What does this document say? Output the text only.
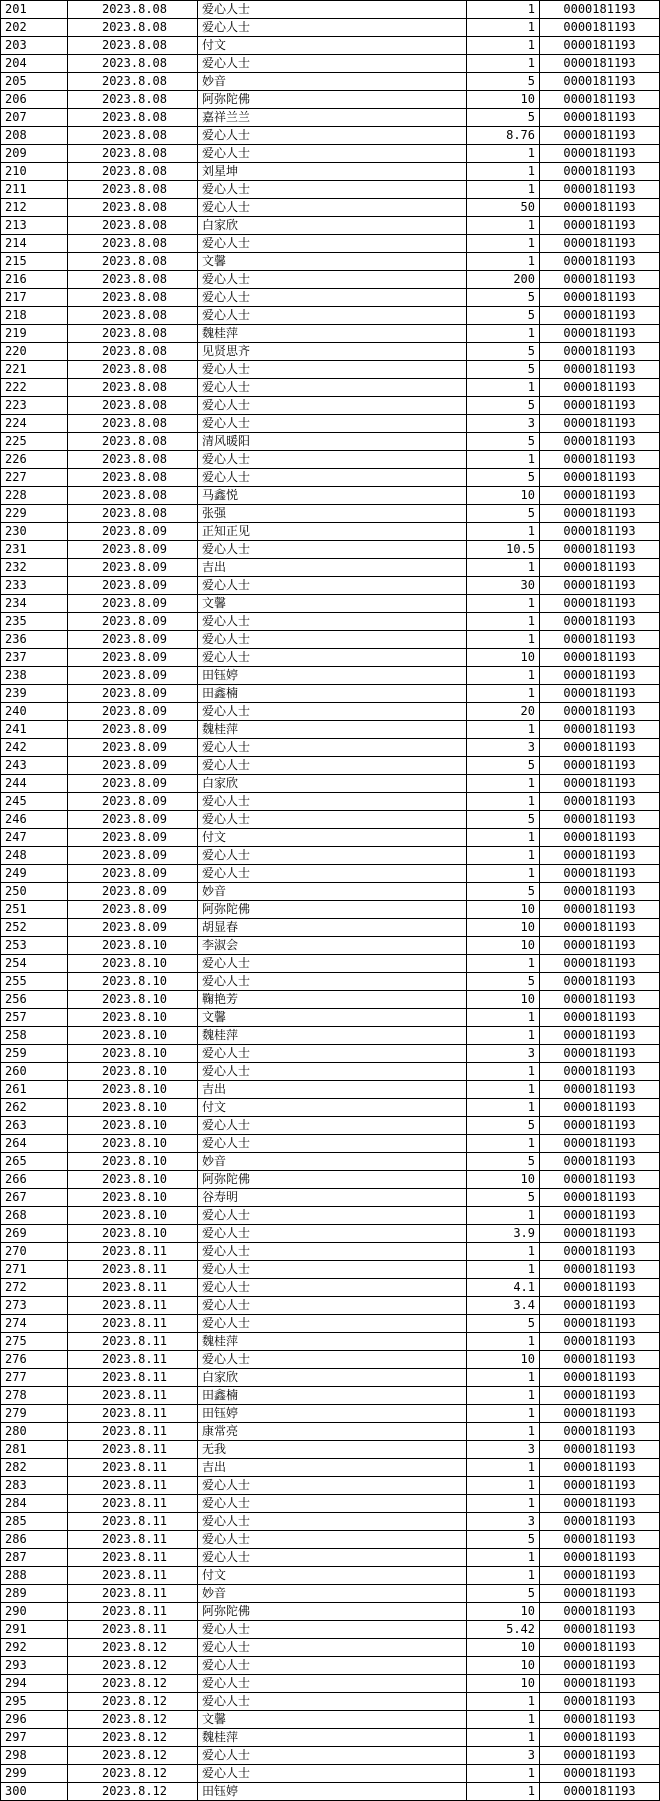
201	2023.8.08	爱心人士	1	0000181193
202	2023.8.08	爱心人士	1	0000181193
203	2023.8.08	付文	1	0000181193
204	2023.8.08	爱心人士	1	0000181193
205	2023.8.08	妙音	5	0000181193
206	2023.8.08	阿弥陀佛	10	0000181193
207	2023.8.08	嘉祥兰兰	5	0000181193
208	2023.8.08	爱心人士	8.76	0000181193
209	2023.8.08	爱心人士	1	0000181193
210	2023.8.08	刘星坤	1	0000181193
211	2023.8.08	爱心人士	1	0000181193
212	2023.8.08	爱心人士	50	0000181193
213	2023.8.08	白家欣	1	0000181193
214	2023.8.08	爱心人士	1	0000181193
215	2023.8.08	文馨	1	0000181193
216	2023.8.08	爱心人士	200	0000181193
217	2023.8.08	爱心人士	5	0000181193
218	2023.8.08	爱心人士	5	0000181193
219	2023.8.08	魏桂萍	1	0000181193
220	2023.8.08	见贤思齐	5	0000181193
221	2023.8.08	爱心人士	5	0000181193
222	2023.8.08	爱心人士	1	0000181193
223	2023.8.08	爱心人士	5	0000181193
224	2023.8.08	爱心人士	3	0000181193
225	2023.8.08	清风暖阳	5	0000181193
226	2023.8.08	爱心人士	1	0000181193
227	2023.8.08	爱心人士	5	0000181193
228	2023.8.08	马鑫悦	10	0000181193
229	2023.8.08	张强	5	0000181193
230	2023.8.09	正知正见	1	0000181193
231	2023.8.09	爱心人士	10.5	0000181193
232	2023.8.09	吉出	1	0000181193
233	2023.8.09	爱心人士	30	0000181193
234	2023.8.09	文馨	1	0000181193
235	2023.8.09	爱心人士	1	0000181193
236	2023.8.09	爱心人士	1	0000181193
237	2023.8.09	爱心人士	10	0000181193
238	2023.8.09	田钰婷	1	0000181193
239	2023.8.09	田鑫楠	1	0000181193
240	2023.8.09	爱心人士	20	0000181193
241	2023.8.09	魏桂萍	1	0000181193
242	2023.8.09	爱心人士	3	0000181193
243	2023.8.09	爱心人士	5	0000181193
244	2023.8.09	白家欣	1	0000181193
245	2023.8.09	爱心人士	1	0000181193
246	2023.8.09	爱心人士	5	0000181193
247	2023.8.09	付文	1	0000181193
248	2023.8.09	爱心人士	1	0000181193
249	2023.8.09	爱心人士	1	0000181193
250	2023.8.09	妙音	5	0000181193
251	2023.8.09	阿弥陀佛	10	0000181193
252	2023.8.09	胡显春	10	0000181193
253	2023.8.10	李淑会	10	0000181193
254	2023.8.10	爱心人士	1	0000181193
255	2023.8.10	爱心人士	5	0000181193
256	2023.8.10	鞠艳芳	10	0000181193
257	2023.8.10	文馨	1	0000181193
258	2023.8.10	魏桂萍	1	0000181193
259	2023.8.10	爱心人士	3	0000181193
260	2023.8.10	爱心人士	1	0000181193
261	2023.8.10	吉出	1	0000181193
262	2023.8.10	付文	1	0000181193
263	2023.8.10	爱心人士	5	0000181193
264	2023.8.10	爱心人士	1	0000181193
265	2023.8.10	妙音	5	0000181193
266	2023.8.10	阿弥陀佛	10	0000181193
267	2023.8.10	谷寿明	5	0000181193
268	2023.8.10	爱心人士	1	0000181193
269	2023.8.10	爱心人士	3.9	0000181193
270	2023.8.11	爱心人士	1	0000181193
271	2023.8.11	爱心人士	1	0000181193
272	2023.8.11	爱心人士	4.1	0000181193
273	2023.8.11	爱心人士	3.4	0000181193
274	2023.8.11	爱心人士	5	0000181193
275	2023.8.11	魏桂萍	1	0000181193
276	2023.8.11	爱心人士	10	0000181193
277	2023.8.11	白家欣	1	0000181193
278	2023.8.11	田鑫楠	1	0000181193
279	2023.8.11	田钰婷	1	0000181193
280	2023.8.11	康常亮	1	0000181193
281	2023.8.11	无我	3	0000181193
282	2023.8.11	吉出	1	0000181193
283	2023.8.11	爱心人士	1	0000181193
284	2023.8.11	爱心人士	1	0000181193
285	2023.8.11	爱心人士	3	0000181193
286	2023.8.11	爱心人士	5	0000181193
287	2023.8.11	爱心人士	1	0000181193
288	2023.8.11	付文	1	0000181193
289	2023.8.11	妙音	5	0000181193
290	2023.8.11	阿弥陀佛	10	0000181193
291	2023.8.11	爱心人士	5.42	0000181193
292	2023.8.12	爱心人士	10	0000181193
293	2023.8.12	爱心人士	10	0000181193
294	2023.8.12	爱心人士	10	0000181193
295	2023.8.12	爱心人士	1	0000181193
296	2023.8.12	文馨	1	0000181193
297	2023.8.12	魏桂萍	1	0000181193
298	2023.8.12	爱心人士	3	0000181193
299	2023.8.12	爱心人士	1	0000181193
300	2023.8.12	田钰婷	1	0000181193
